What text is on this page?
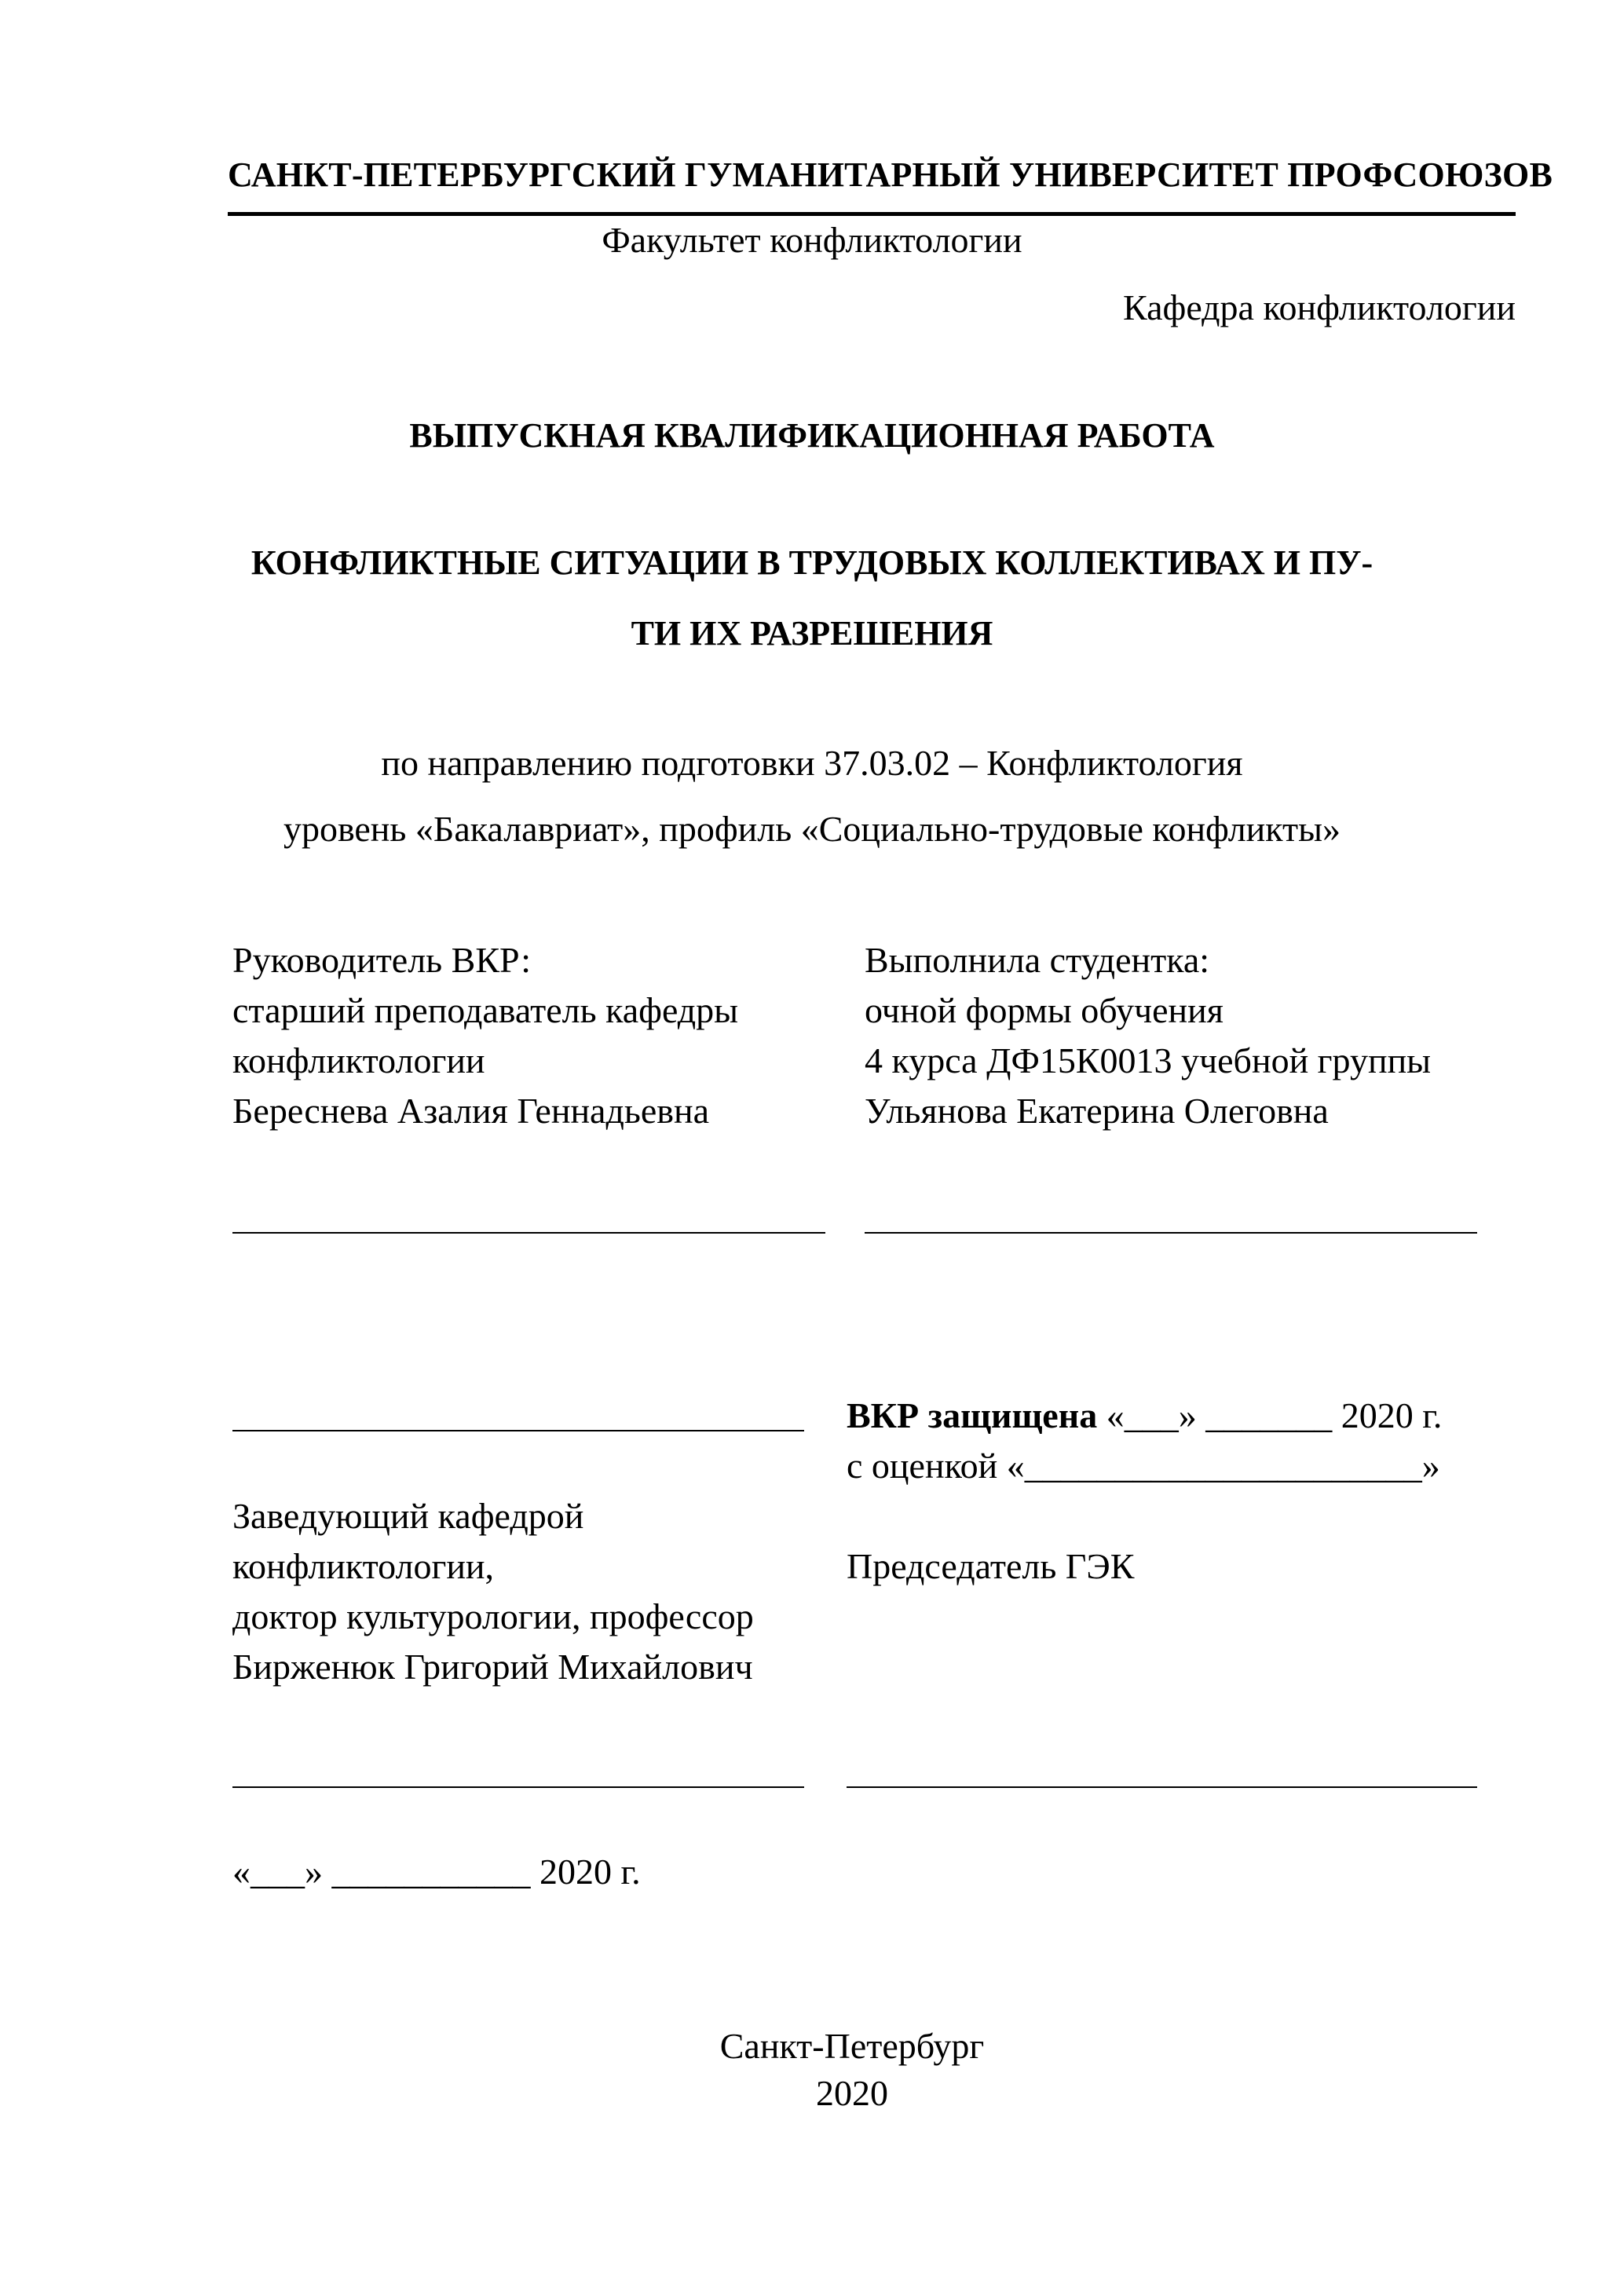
САНКТ-ПЕТЕРБУРГСКИЙ ГУМАНИТАРНЫЙ УНИВЕРСИТЕТ ПРОФСОЮЗОВ
Факультет конфликтологии
Кафедра конфликтологии
ВЫПУСКНАЯ КВАЛИФИКАЦИОННАЯ РАБОТА
КОНФЛИКТНЫЕ СИТУАЦИИ В ТРУДОВЫХ КОЛЛЕКТИВАХ И ПУ-
ТИ ИХ РАЗРЕШЕНИЯ
по направлению подготовки 37.03.02 – Конфликтология
уровень «Бакалавриат», профиль «Социально-трудовые конфликты»
Руководитель ВКР:
старший преподаватель кафедры
конфликтологии
Береснева Азалия Геннадьевна
Выполнила студентка:
очной формы обучения
4 курса ДФ15К0013 учебной группы
Ульянова Екатерина Олеговна
ВКР защищена «___» _______ 2020 г.
с оценкой «______________________»
Председатель ГЭК
Заведующий кафедрой
конфликтологии,
доктор культурологии, профессор
Бирженюк Григорий Михайлович
«___» ___________ 2020 г.
Санкт-Петербург
2020
